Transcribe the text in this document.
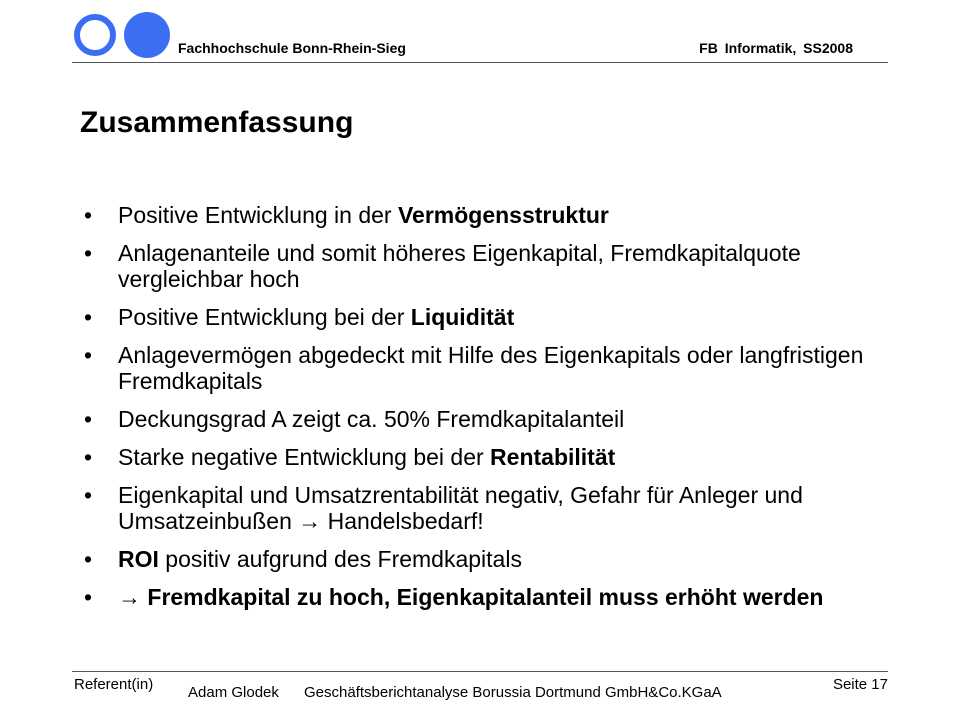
Fachhochschule Bonn-Rhein-Sieg	FB Informatik, SS2008
Zusammenfassung
• Positive Entwicklung in der Vermögensstruktur
• Anlagenanteile und somit höheres Eigenkapital, Fremdkapitalquote vergleichbar hoch
• Positive Entwicklung bei der Liquidität
• Anlagevermögen abgedeckt mit Hilfe des Eigenkapitals oder langfristigen Fremdkapitals
• Deckungsgrad A zeigt ca. 50% Fremdkapitalanteil
• Starke negative Entwicklung bei der Rentabilität
• Eigenkapital und Umsatzrentabilität negativ, Gefahr für Anleger und Umsatzeinbußen → Handelsbedarf!
• ROI positiv aufgrund des Fremdkapitals
• → Fremdkapital zu hoch, Eigenkapitalanteil muss erhöht werden
Referent(in) Adam Glodek Geschäftsberichtanalyse Borussia Dortmund GmbH&Co.KGaA	Seite 17
